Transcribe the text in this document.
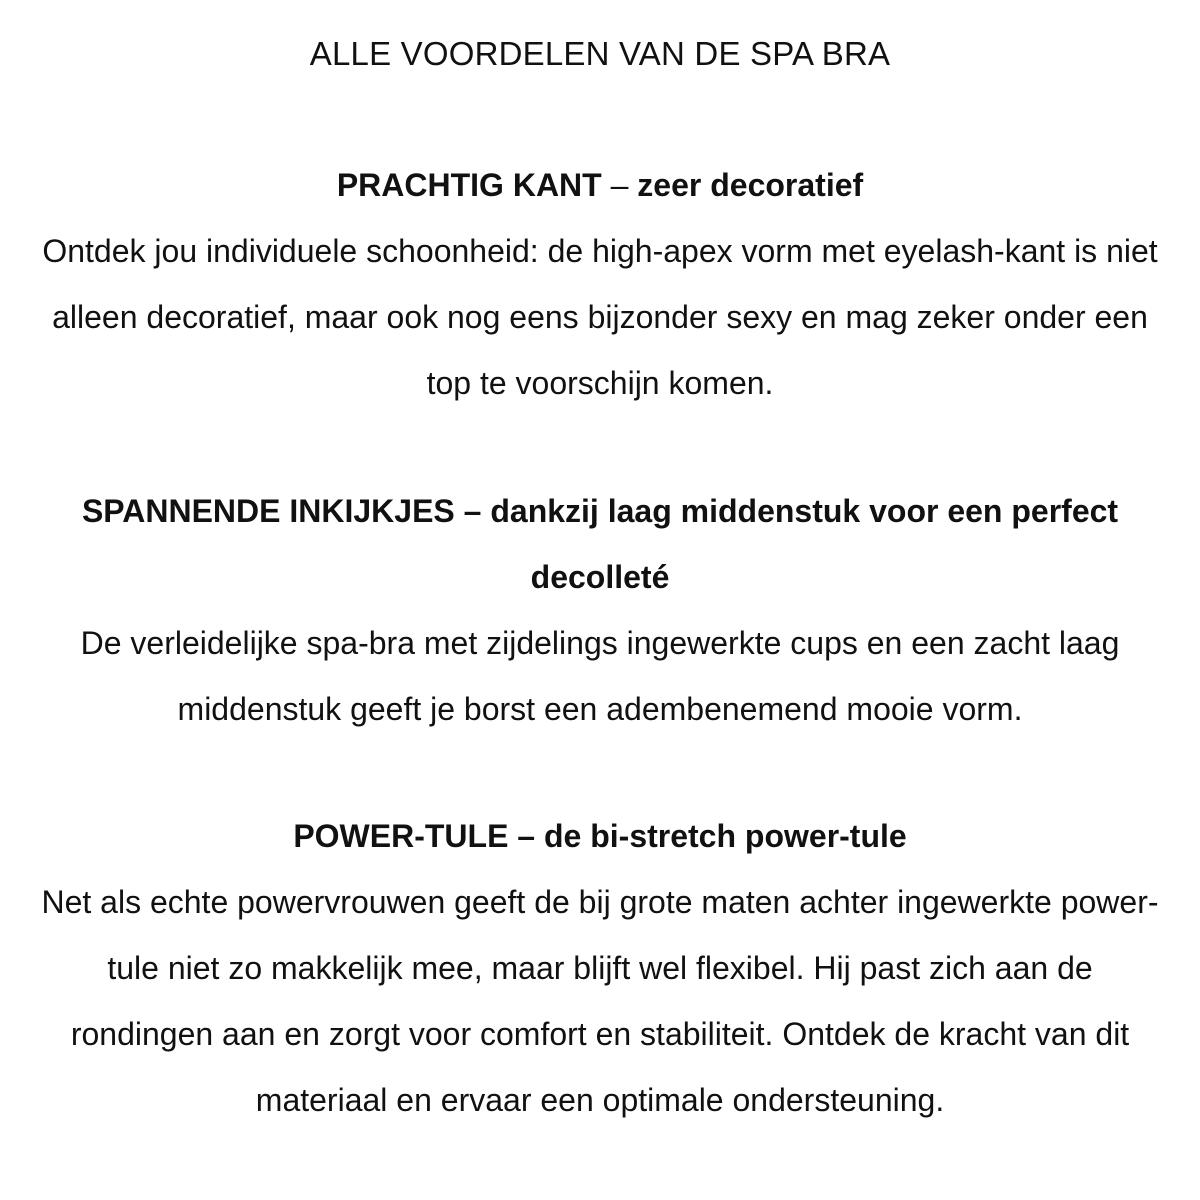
ALLE VOORDELEN VAN DE SPA BRA

PRACHTIG KANT – zeer decoratief

Ontdek jou individuele schoonheid: de high-apex vorm met eyelash-kant is niet alleen decoratief, maar ook nog eens bijzonder sexy en mag zeker onder een top te voorschijn komen.

SPANNENDE INKIJKJES – dankzij laag middenstuk voor een perfect decolleté

De verleidelijke spa-bra met zijdelings ingewerkte cups en een zacht laag middenstuk geeft je borst een adembenemend mooie vorm.

POWER-TULE – de bi-stretch power-tule

Net als echte powervrouwen geeft de bij grote maten achter ingewerkte power-tule niet zo makkelijk mee, maar blijft wel flexibel. Hij past zich aan de rondingen aan en zorgt voor comfort en stabiliteit. Ontdek de kracht van dit materiaal en ervaar een optimale ondersteuning.
